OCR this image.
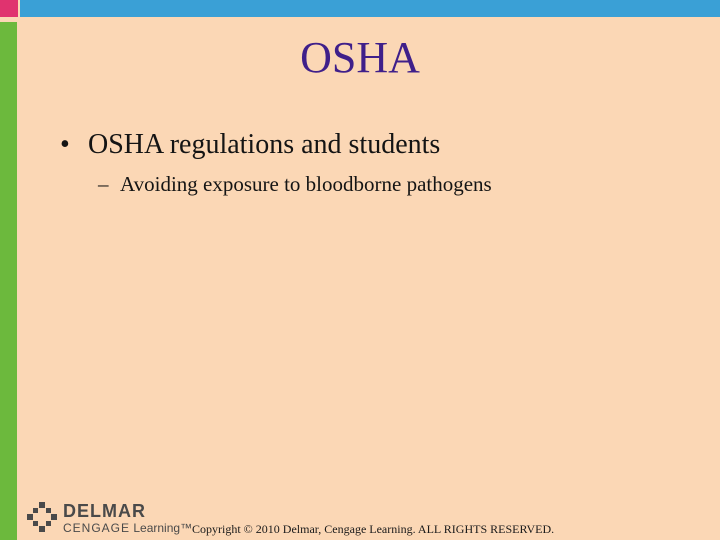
OSHA
• OSHA regulations and students
– Avoiding exposure to bloodborne pathogens
DELMAR
CENGAGE Learning™ Copyright © 2010 Delmar, Cengage Learning. ALL RIGHTS RESERVED.
